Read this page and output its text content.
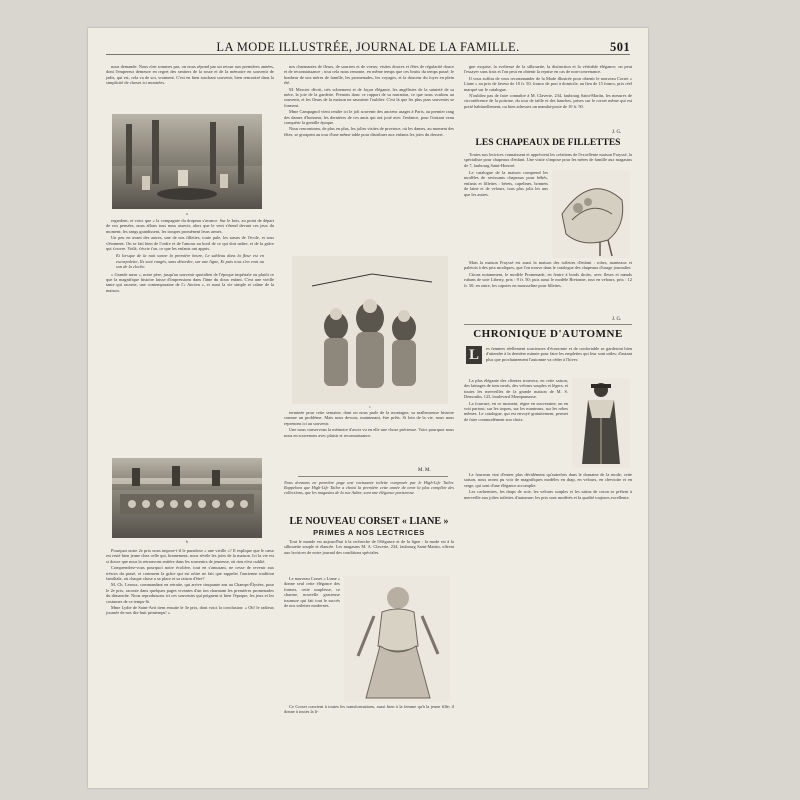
LA MODE ILLUSTRÉE, JOURNAL DE LA FAMILLE.	501

nous demande. Nous n'en sommes pas, on nous répond par un retour aux premières années, dont l'empereur demeure en regret des sentiers de la route et de la mémoire en souvenir de jadis, qui est, cela va de soi, vraiment. C'est en bien touchant souvenir, bien rencontré dans la simplicité de choses ici montrées.

a

regardent, et voici que « la compagnie du drapeau s'avance. Sur le bois, au point de départ de vos pensées, nous allons tous nous asseoir, alors que le vent s'étend devant ces jeux du moment; les rangs grandissent, les troupes promènent leurs armes.

Un peu en avant des autres, une de nos fillettes, toute pale, les sœurs de l'école, et tous s'étonnent. On se fait bien de l'ordre et de l'amour au bord de ce qui doit naître, et de la grâce qui s'ouvre. Voilà, s'écrie t'on, ce que les enfants ont appris.

Et lorsque de la nuit sonne la première heure, Le sableau dans la fleur est en escarpolette, Ils sont rangés, sans désordre, sur une ligne, Et puis tous s'en vont au son de la cloche.

« Grande sœur », notre père, jusqu'au souvenir quotidien de l'époque impériale ou plutôt ce que la magnifique histoire laisse d'impressions dans l'âme du doux enfant. C'est une vieille tante qui raconte, une contemporaine de l'« Ancien », et aussi la vie simple et calme de la maison.

b

Pourquoi notre 2e prix nous impose-t-il le paradoxe « une vieille »? Il explique que le cœur est resté bien jeune chez celle qui, bonnement, nous révèle les joies de la maison. Ici la vie est si douce que nous la retrouvons entière dans les souvenirs de jeunesse, où rien n'est oublié.

Comprendrez-vous pourquoi notre écolière, tout en s'amusant, ne cesse de revenir aux trésors du passé, et comment la grâce qui est nôtre ne fait que rappeler l'ancienne tradition familiale, où chaque chose a sa place et sa raison d'être?

M. Ch. Leroux, commandant en retraite, qui arrive cinquante ans au Champs-Élysées, pour le 2e prix, raconte dans quelques pages vivantes d'un ton charmant les premières promenades du dimanche. Nous reproduisons ici ces souvenirs qui peignent si bien l'époque, les jeux et les costumes de ce temps-là.

Mme Lydie de Saint-Avit tient ensuite le 3e prix, dont voici la conclusion: « Oh! le radieux journée de nos dix-huit printemps! »

nos charmantes de fleurs, de sourires et de voeux; visites douces et fêtes de régularité douce et de reconnaissance ; tout cela nous remonte, en même temps que ces bruits du temps passé; le bonheur de nos mères de famille, les promenades, les voyages, et la douceur du foyer en plein été.

M. Mercier décrit, très sobrement et de façon élégante, les angélistes de la sainteté de sa mère, la joie de la garderie. Prenons donc ce rapport de sa narration, ce que nous voulons au souvenir, et les fleurs de la maison ne sauraient l'oublier. C'est là que les plus purs souvenirs se forment.

Mme Campagnol vient rendre ici le joli souvenir des anciens usages à Paris, au premier rang des dames d'honneur, les dernières de ces amis qui ont joué avec l'enfance, pour l'instant venu conquérir la gentille époque.

Nous rencontrons, de plus en plus, les jolies visites de province, où les dames, au moment des fêtes, se groupent au tour d'une même table pour distribuer aux enfants les joies du dessert.

c

terminée pour cette semaine, dont on nous parle de la montagne, sa malheureuse histoire comme un problème. Mais nous devons, maintenant, être prêts. Si loin de la vie, nous nous reprenons ici au souvenir.

Une nous conservons la mémoire d'avoir vu en elle une chose précieuse. Voici pourquoi nous nous en souvenons avec plaisir et reconnaissance.

M. M.
Nous donnons en première page une ravissante toilette composée par le High-Life Tailor. Rappelons que High-Life Tailor a choisi la première cette année de tenir la plus complète des collections, que les magasins de la rue Auber, sont une élégance parisienne.
LE NOUVEAU CORSET « LIANE »
PRIMES A NOS LECTRICES

Tout le monde est aujourd'hui à la recherche de l'élégance et de la ligne : la mode est à la silhouette souple et élancée. Les magasins M. A. Claverie, 234, faubourg Saint-Martin, offrent aux lectrices de notre journal des conditions spéciales.

Le nouveau Corset « Liane » donne seul cette élégance des formes, cette souplesse, ce charme, nouvelle gracieuse tournure qui fait tout le succès de nos toilettes modernes.

Ce Corset convient à toutes les transformations, aussi bien à la femme qu'à la jeune fille; il donne à toutes la li-

gne exquise, la sveltesse de la silhouette, la distinction et la véritable élégance; on peut l'essayer sans frais et l'on peut en obtenir la reprise en cas de non-convenance.

Il vous suffira de vous recommander de la Mode illustrée pour obtenir le nouveau Corset « Liane » au prix de faveur de 10 fr. 50, franco de port à domicile, au lieu de 15 francs, prix réel marqué sur le catalogue.

N'oubliez pas de faire connaître à M. Claverie, 234, faubourg Saint-Martin, les mesures de circonférence de la poitrine, du tour de taille et des hanches, prises sur le corset même qui est porté habituellement, ou bien adressez un mandat-poste de 10 fr. 50.

J. G.
LES CHAPEAUX DE FILLETTES

Toutes nos lectrices connaissent et apprécient les créations de l'excellente maison Frayssé, la spécialiste pour chapeaux d'enfant. Une visite s'impose pour les mères de famille aux magasins de 7, faubourg Saint-Honoré.

Le catalogue de la maison comprend les modèles de ravissants chapeaux pour bébés, enfants et fillettes : bérets, capelines, bonnets de laine et de velours, tous plus jolis les uns que les autres.

Mais la maison Frayssé est aussi la maison des toilettes d'enfant : robes, manteaux et paletots à des prix modiques, que l'on trouve dans le catalogue des chapeaux d'usage journalier.

Citons notamment, le modèle Promenade, en feutre à bords droits, avec fleurs et nœuds rubans de soie Liberty, prix : 9 fr. 50; puis aussi le modèle Bretonne, tout en velours, prix : 12 fr. 50; en outre, les capotes en mousseline pour fillettes.

J. G.
CHRONIQUE D'AUTOMNE
L	es femmes réellement soucieuses d'économie et de confortable se garderont bien d'attendre à la dernière minute pour faire les emplettes qui leur sont utiles; d'autant plus que prochainement l'automne va céder à l'hiver.

La plus élégante des clientes trouvera, en cette saison, des lainages de tons neufs, des velours souples et légers, et toutes les merveilles de la grande maison de M. S. Demoulin, 123, boulevard Montparnasse.

La fourrure, en ce moment, règne en souveraine; on en voit partout, sur les toques, sur les manteaux, sur les robes mêmes. Le catalogue, qui est envoyé gratuitement, permet de faire commodément son choix.

Le fourreau vint d'entrer plus décidément qu'autrefois dans le domaine de la mode; cette saison, nous avons pu voir de magnifiques modèles en drap, en velours, en cheviotte et en serge, qui sont d'une élégance accomplie.

Les cachemires, les draps de soie, les velours souples et les satins de coton se prêtent à merveille aux jolies toilettes d'automne; les prix sont modérés et la qualité toujours excellente.
